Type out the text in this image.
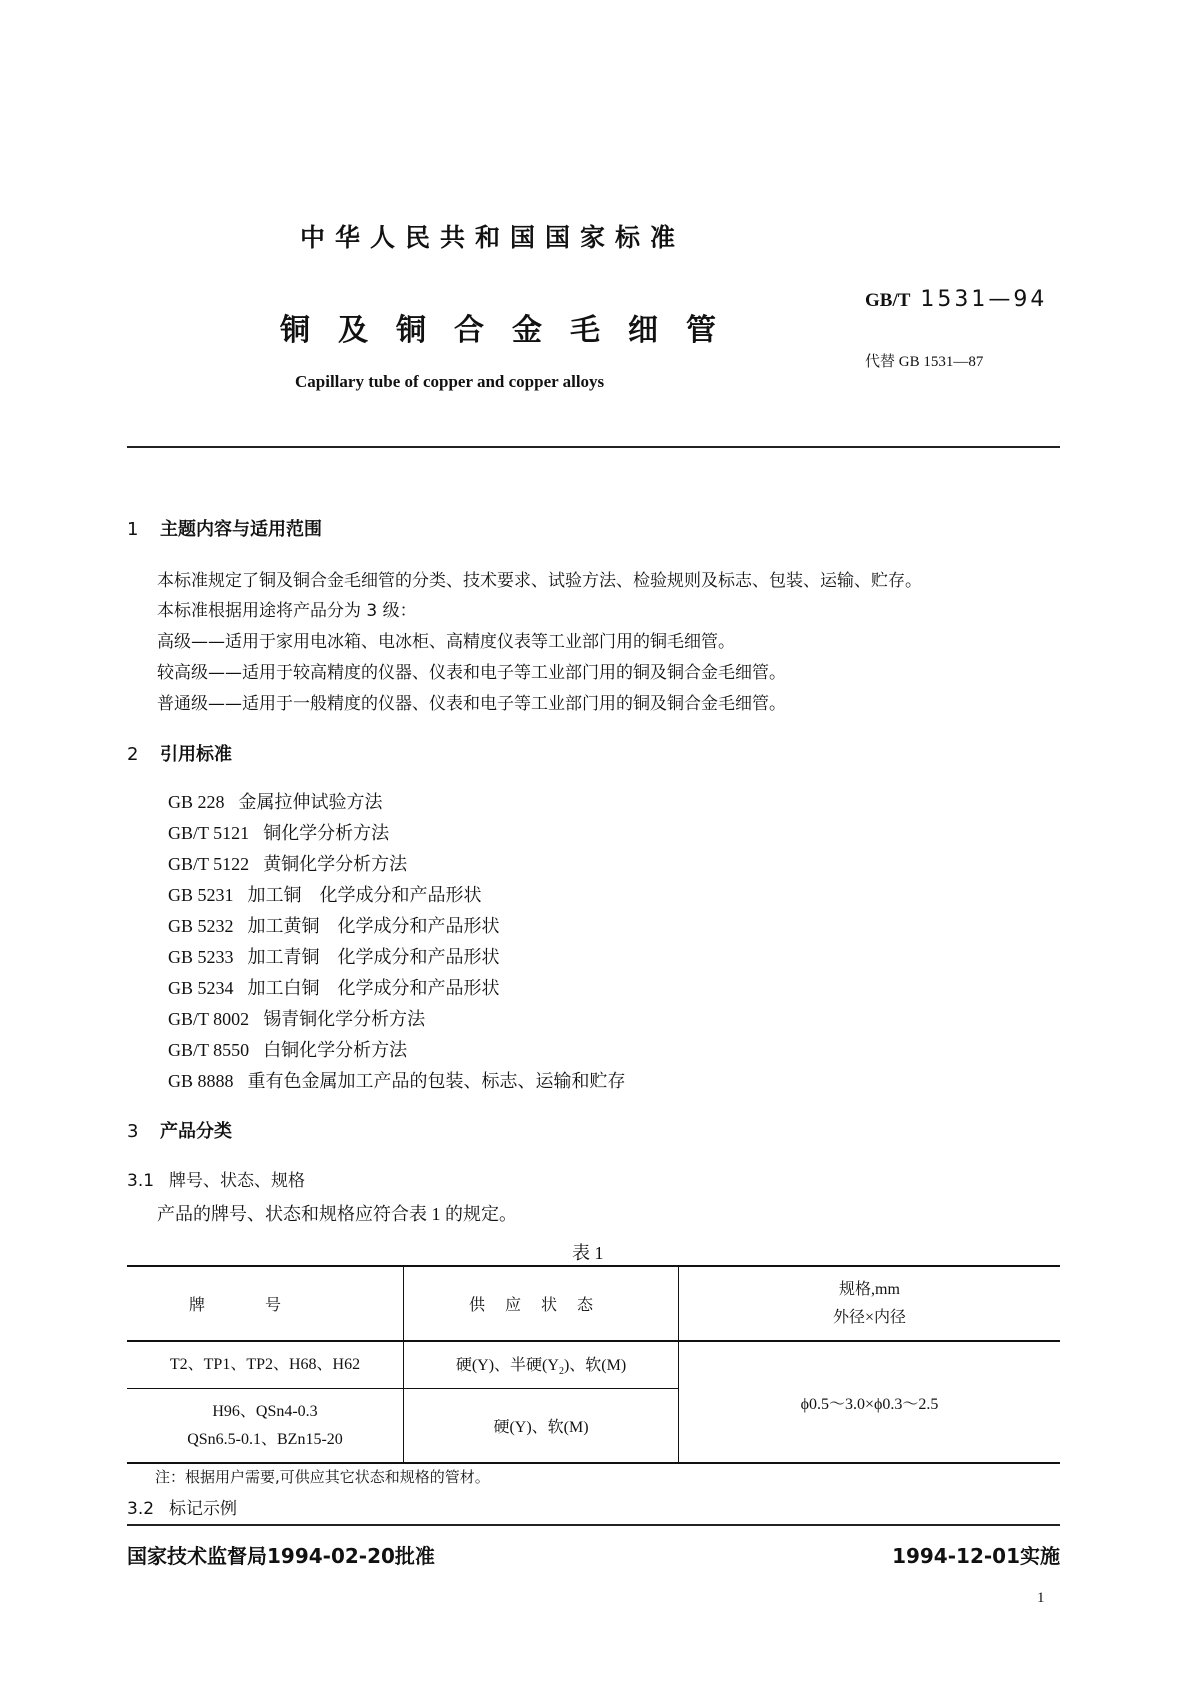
中华人民共和国国家标准
铜及铜合金毛细管
Capillary tube of copper and copper alloys
GB/T 1531—94
代替 GB 1531—87
1 主题内容与适用范围
本标准规定了铜及铜合金毛细管的分类、技术要求、试验方法、检验规则及标志、包装、运输、贮存。
本标准根据用途将产品分为 3 级：
高级——适用于家用电冰箱、电冰柜、高精度仪表等工业部门用的铜毛细管。
较高级——适用于较高精度的仪器、仪表和电子等工业部门用的铜及铜合金毛细管。
普通级——适用于一般精度的仪器、仪表和电子等工业部门用的铜及铜合金毛细管。
2 引用标准
GB 228 金属拉伸试验方法
GB/T 5121 铜化学分析方法
GB/T 5122 黄铜化学分析方法
GB 5231 加工铜　化学成分和产品形状
GB 5232 加工黄铜　化学成分和产品形状
GB 5233 加工青铜　化学成分和产品形状
GB 5234 加工白铜　化学成分和产品形状
GB/T 8002 锡青铜化学分析方法
GB/T 8550 白铜化学分析方法
GB 8888 重有色金属加工产品的包装、标志、运输和贮存
3 产品分类
3.1 牌号、状态、规格
产品的牌号、状态和规格应符合表 1 的规定。
表 1
牌号	供应状态	规格,mm
外径×内径

T2、TP1、TP2、H68、H62	硬(Y)、半硬$(Y_2)$、软(M)	ϕ0.5～3.0×ϕ0.3～2.5

H96、QSn4-0.3
QSn6.5-0.1、BZn15-20	硬(Y)、软(M)	
注：根据用户需要,可供应其它状态和规格的管材。
3.2 标记示例
国家技术监督局1994-02-20批准	1994-12-01实施
1
